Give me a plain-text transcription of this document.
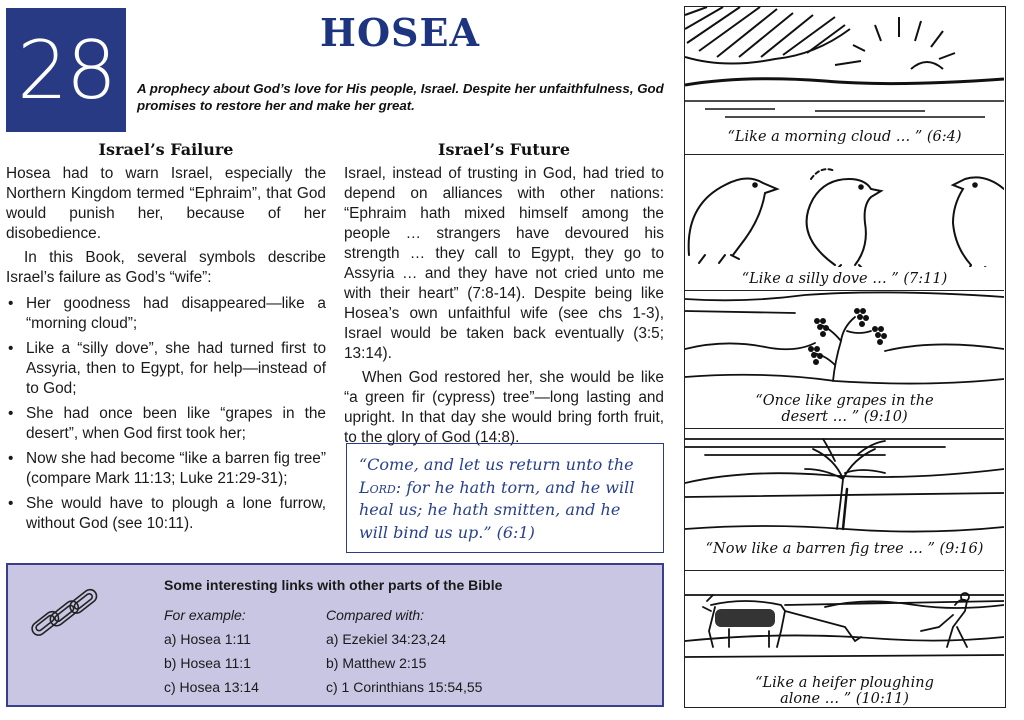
28	HOSEA

A prophecy about God’s love for His people, Israel. Despite her unfaithfulness, God promises to restore her and make her great.

Israel’s Failure

Hosea had to warn Israel, especially the Northern Kingdom termed “Ephraim”, that God would punish her, because of her disobedience.

In this Book, several symbols describe Israel’s failure as God’s “wife”:

• Her goodness had disappeared—like a “morning cloud”;
• Like a “silly dove”, she had turned first to Assyria, then to Egypt, for help—instead of to God;
• She had once been like “grapes in the desert”, when God first took her;
• Now she had become “like a barren fig tree” (compare Mark 11:13; Luke 21:29-31);
• She would have to plough a lone furrow, without God (see 10:11).
Israel’s Future

Israel, instead of trusting in God, had tried to depend on alliances with other nations: “Ephraim hath mixed himself among the people … strangers have devoured his strength … they call to Egypt, they go to Assyria … and they have not cried unto me with their heart” (7:8-14). Despite being like Hosea’s own unfaithful wife (see chs 1-3), Israel would be taken back eventually (3:5; 13:14).

When God restored her, she would be like “a green fir (cypress) tree”—long lasting and upright. In that day she would bring forth fruit, to the glory of God (14:8).

“Come, and let us return unto the Lord: for he hath torn, and he will heal us; he hath smitten, and he will bind us up.” (6:1)
Some interesting links with other parts of the Bible
For example:	Compared with:
a) Hosea 1:11	a) Ezekiel 34:23,24
b) Hosea 11:1	b) Matthew 2:15
c) Hosea 13:14	c) 1 Corinthians 15:54,55
“Like a morning cloud … ” (6:4)
“Like a silly dove … ” (7:11)
“Once like grapes in the
desert … ” (9:10)
“Now like a barren fig tree … ” (9:16)
“Like a heifer ploughing
alone … ” (10:11)
